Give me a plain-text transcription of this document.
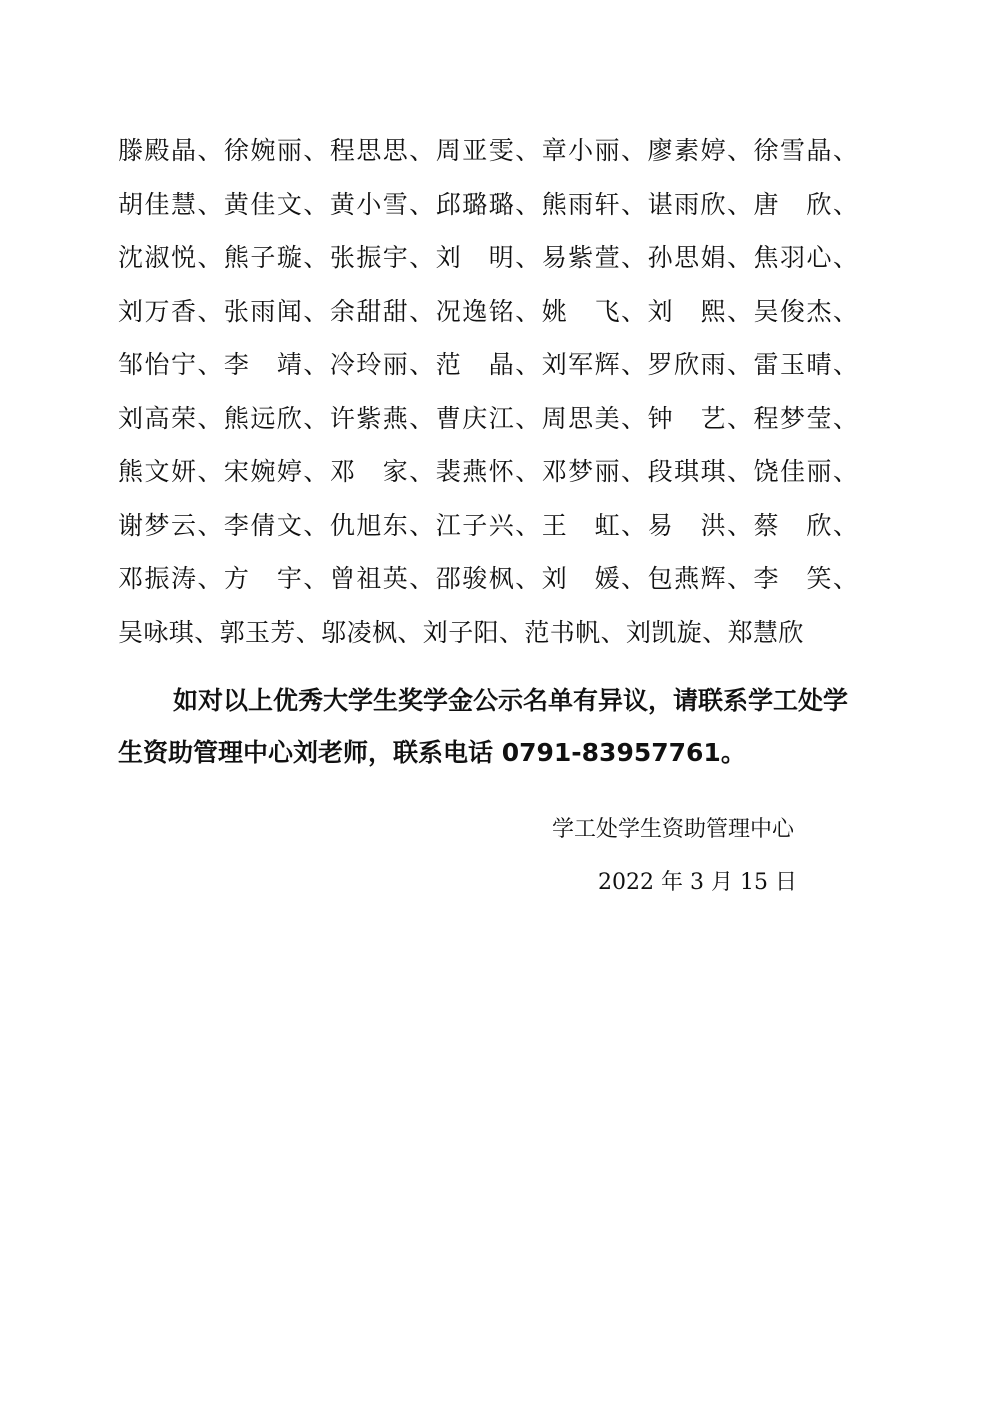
滕殿晶、徐婉丽、程思思、周亚雯、章小丽、廖素婷、徐雪晶、
胡佳慧、黄佳文、黄小雪、邱璐璐、熊雨轩、谌雨欣、唐　欣、
沈淑悦、熊子璇、张振宇、刘　明、易紫萱、孙思娟、焦羽心、
刘万香、张雨闻、余甜甜、况逸铭、姚　飞、刘　熙、吴俊杰、
邹怡宁、李　靖、冷玲丽、范　晶、刘军辉、罗欣雨、雷玉晴、
刘高荣、熊远欣、许紫燕、曹庆江、周思美、钟　艺、程梦莹、
熊文妍、宋婉婷、邓　家、裴燕怀、邓梦丽、段琪琪、饶佳丽、
谢梦云、李倩文、仇旭东、江子兴、王　虹、易　洪、蔡　欣、
邓振涛、方　宇、曾祖英、邵骏枫、刘　媛、包燕辉、李　笑、
吴咏琪、郭玉芳、邬凌枫、刘子阳、范书帆、刘凯旋、郑慧欣

如对以上优秀大学生奖学金公示名单有异议，请联系学工处学生资助管理中心刘老师，联系电话 0791-83957761。

学工处学生资助管理中心
2022 年 3 月 15 日
